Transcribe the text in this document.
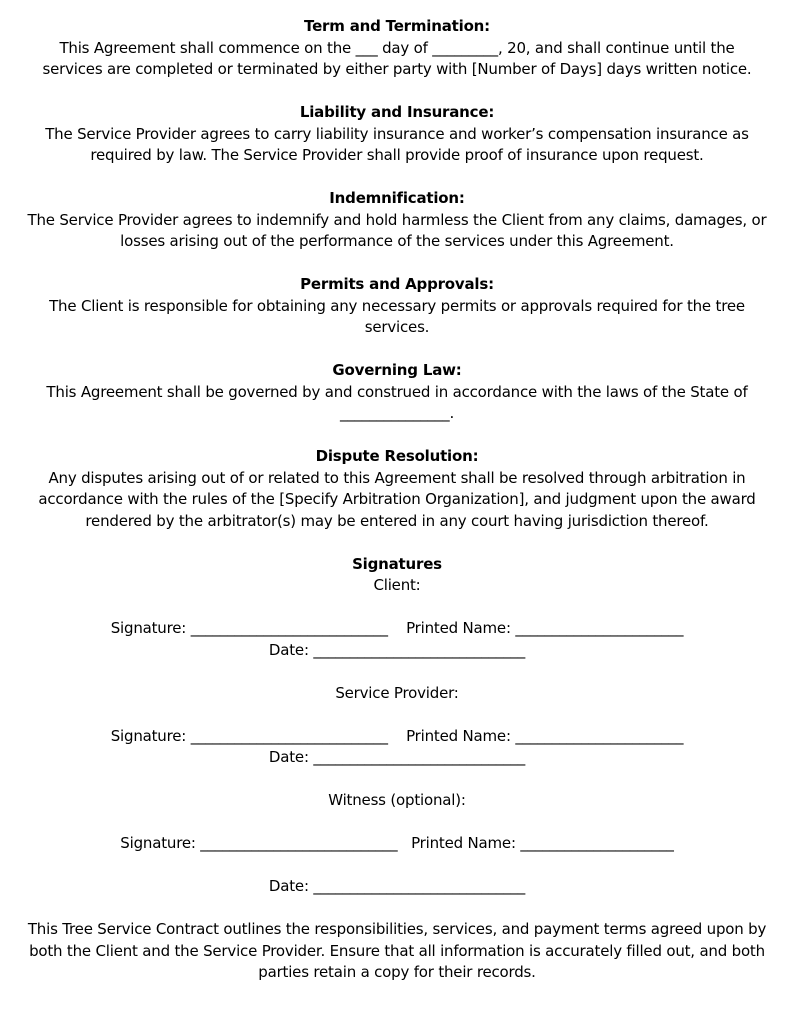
Term and Termination:

This Agreement shall commence on the ___ day of _________, 20, and shall continue until the

services are completed or terminated by either party with [Number of Days] days written notice.

Liability and Insurance:

The Service Provider agrees to carry liability insurance and worker’s compensation insurance as

required by law. The Service Provider shall provide proof of insurance upon request.

Indemnification:

The Service Provider agrees to indemnify and hold harmless the Client from any claims, damages, or

losses arising out of the performance of the services under this Agreement.

Permits and Approvals:

The Client is responsible for obtaining any necessary permits or approvals required for the tree

services.

Governing Law:

This Agreement shall be governed by and construed in accordance with the laws of the State of

_______________.

Dispute Resolution:

Any disputes arising out of or related to this Agreement shall be resolved through arbitration in

accordance with the rules of the [Specify Arbitration Organization], and judgment upon the award

rendered by the arbitrator(s) may be entered in any court having jurisdiction thereof.

Signatures

Client:

Signature: ___________________________    Printed Name: _______________________

Date: _____________________________

Service Provider:

Signature: ___________________________    Printed Name: _______________________

Date: _____________________________

Witness (optional):

Signature: ___________________________   Printed Name: _____________________

Date: _____________________________

This Tree Service Contract outlines the responsibilities, services, and payment terms agreed upon by

both the Client and the Service Provider. Ensure that all information is accurately filled out, and both

parties retain a copy for their records.
